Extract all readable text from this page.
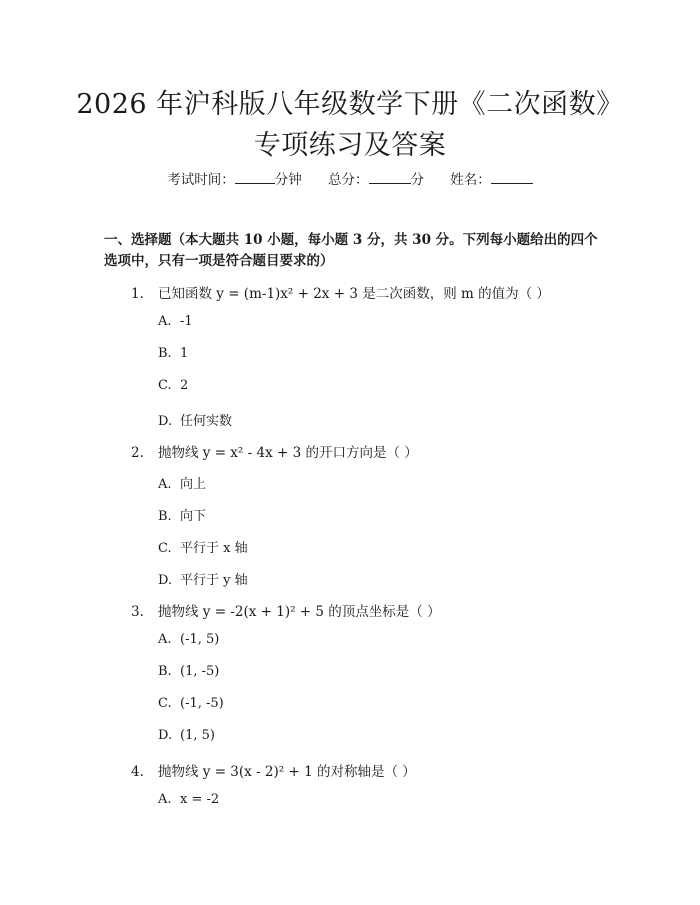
2026 年沪科版八年级数学下册《二次函数》
专项练习及答案
考试时间：	分钟 总分：	分 姓名：
一、选择题（本大题共 10 小题，每小题 3 分，共 30 分。下列每小题给出的四个
选项中，只有一项是符合题目要求的）
1. 已知函数 y = (m-1)x² + 2x + 3 是二次函数，则 m 的值为（ ）
A. -1
B. 1
C. 2
D. 任何实数
2. 抛物线 y = x² - 4x + 3 的开口方向是（ ）
A. 向上
B. 向下
C. 平行于 x 轴
D. 平行于 y 轴
3. 抛物线 y = -2(x + 1)² + 5 的顶点坐标是（ ）
A. (-1, 5)
B. (1, -5)
C. (-1, -5)
D. (1, 5)
4. 抛物线 y = 3(x - 2)² + 1 的对称轴是（ ）
A. x = -2
